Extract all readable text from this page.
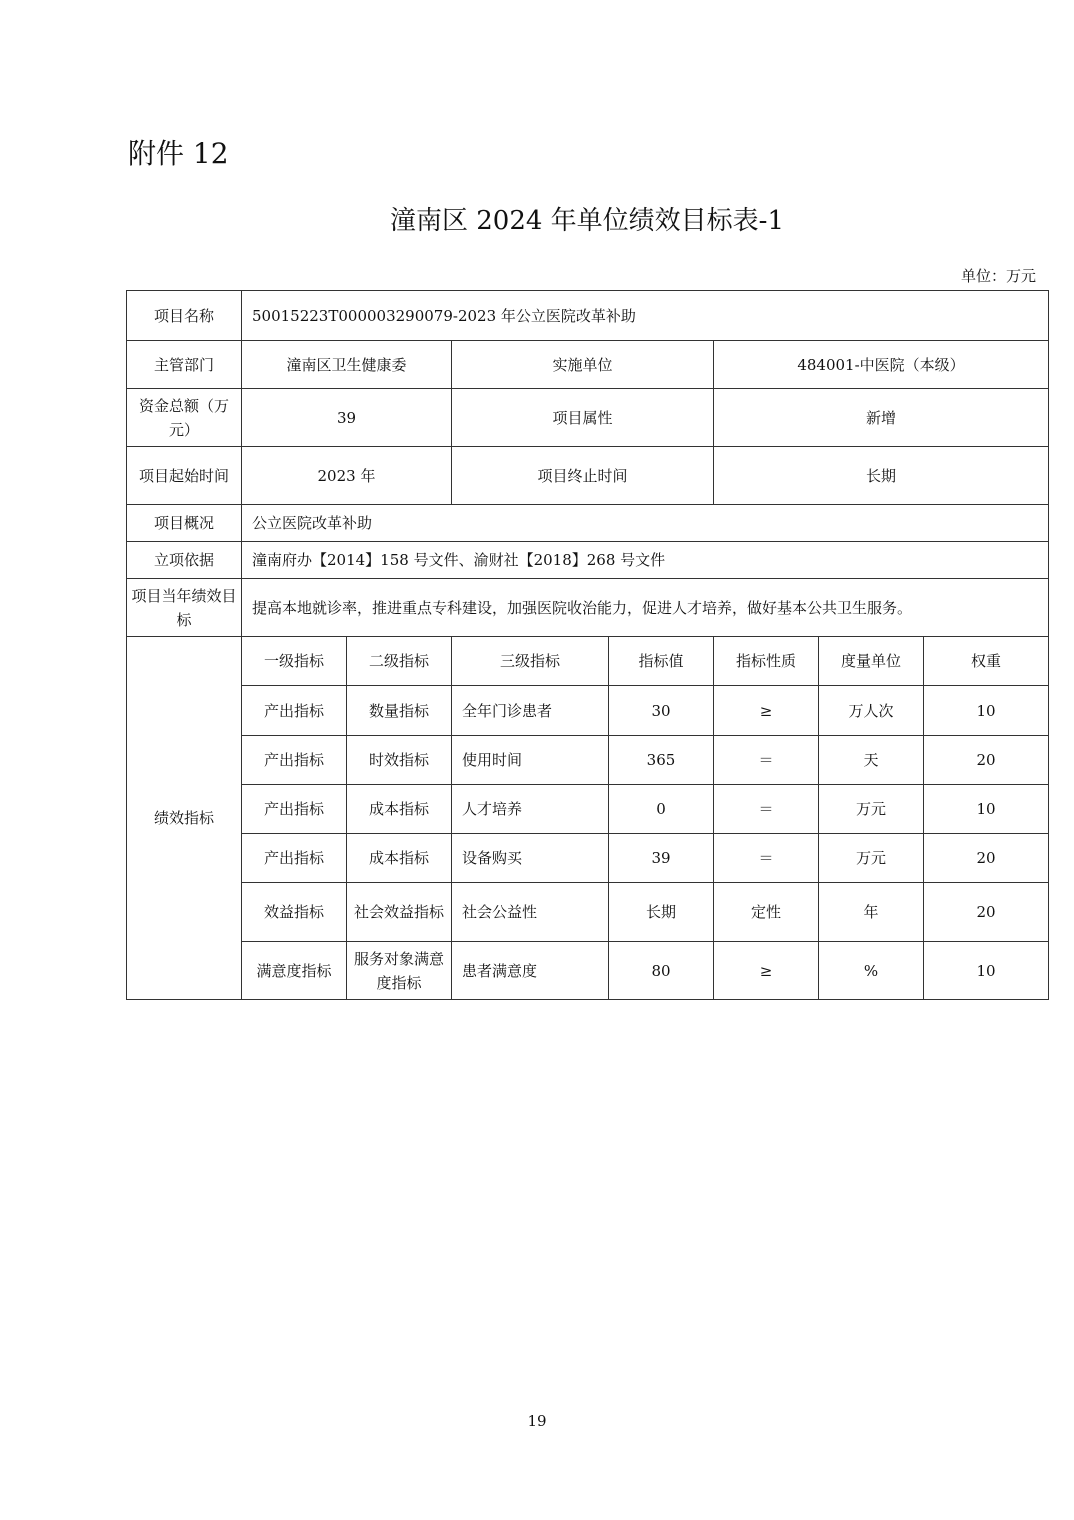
附件 12
潼南区 2024 年单位绩效目标表-1
单位：万元
项目名称	50015223T000003290079-2023 年公立医院改革补助						
主管部门	潼南区卫生健康委		实施单位		484001-中医院（本级）		
资金总额（万元）	39		项目属性		新增		
项目起始时间	2023 年		项目终止时间		长期		
项目概况	公立医院改革补助						
立项依据	潼南府办【2014】158 号文件、渝财社【2018】268 号文件						
项目当年绩效目标	提高本地就诊率，推进重点专科建设，加强医院收治能力，促进人才培养，做好基本公共卫生服务。						
绩效指标	一级指标	二级指标	三级指标	指标值	指标性质	度量单位	权重
	产出指标	数量指标	全年门诊患者	30	≥	万人次	10
	产出指标	时效指标	使用时间	365	＝	天	20
	产出指标	成本指标	人才培养	0	＝	万元	10
	产出指标	成本指标	设备购买	39	＝	万元	20
	效益指标	社会效益指标	社会公益性	长期	定性	年	20
	满意度指标	服务对象满意度指标	患者满意度	80	≥	%	10
19
